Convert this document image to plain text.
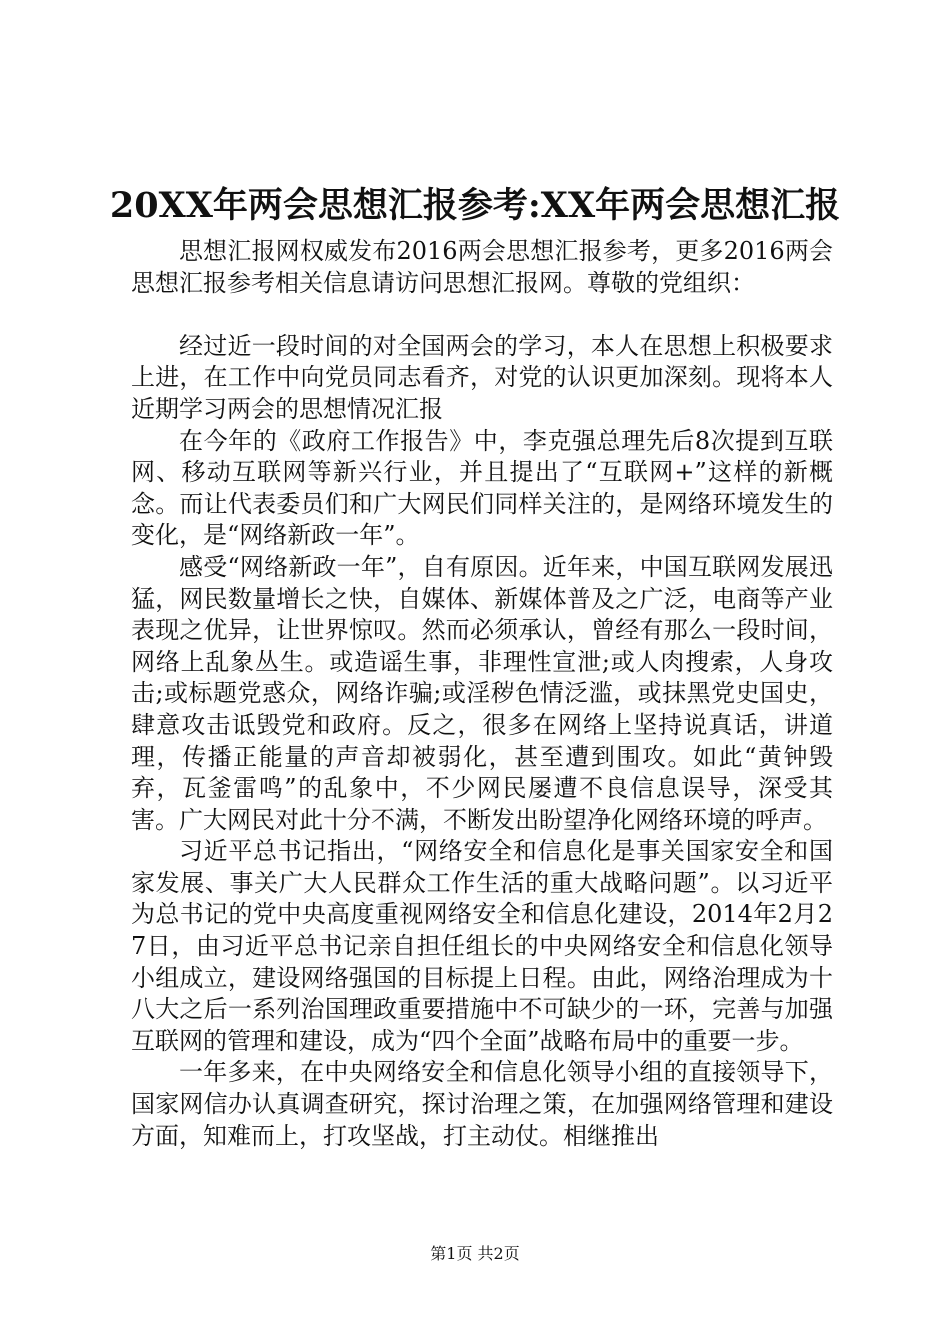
20XX年两会思想汇报参考:XX年两会思想汇报

思想汇报网权威发布2016两会思想汇报参考，更多2016两会思想汇报参考相关信息请访问思想汇报网。尊敬的党组织：

经过近一段时间的对全国两会的学习，本人在思想上积极要求上进，在工作中向党员同志看齐，对党的认识更加深刻。现将本人近期学习两会的思想情况汇报

在今年的《政府工作报告》中，李克强总理先后8次提到互联网、移动互联网等新兴行业，并且提出了“互联网+”这样的新概念。而让代表委员们和广大网民们同样关注的，是网络环境发生的变化，是“网络新政一年”。

感受“网络新政一年”，自有原因。近年来，中国互联网发展迅猛，网民数量增长之快，自媒体、新媒体普及之广泛，电商等产业表现之优异，让世界惊叹。然而必须承认，曾经有那么一段时间，网络上乱象丛生。或造谣生事，非理性宣泄;或人肉搜索，人身攻击;或标题党惑众，网络诈骗;或淫秽色情泛滥，或抹黑党史国史，肆意攻击诋毁党和政府。反之，很多在网络上坚持说真话，讲道理，传播正能量的声音却被弱化，甚至遭到围攻。如此“黄钟毁弃，瓦釜雷鸣”的乱象中，不少网民屡遭不良信息误导，深受其害。广大网民对此十分不满，不断发出盼望净化网络环境的呼声。

习近平总书记指出，“网络安全和信息化是事关国家安全和国家发展、事关广大人民群众工作生活的重大战略问题”。以习近平为总书记的党中央高度重视网络安全和信息化建设，2014年2月27日，由习近平总书记亲自担任组长的中央网络安全和信息化领导小组成立，建设网络强国的目标提上日程。由此，网络治理成为十八大之后一系列治国理政重要措施中不可缺少的一环，完善与加强互联网的管理和建设，成为“四个全面”战略布局中的重要一步。

一年多来，在中央网络安全和信息化领导小组的直接领导下，国家网信办认真调查研究，探讨治理之策，在加强网络管理和建设方面，知难而上，打攻坚战，打主动仗。相继推出

第1页 共2页
